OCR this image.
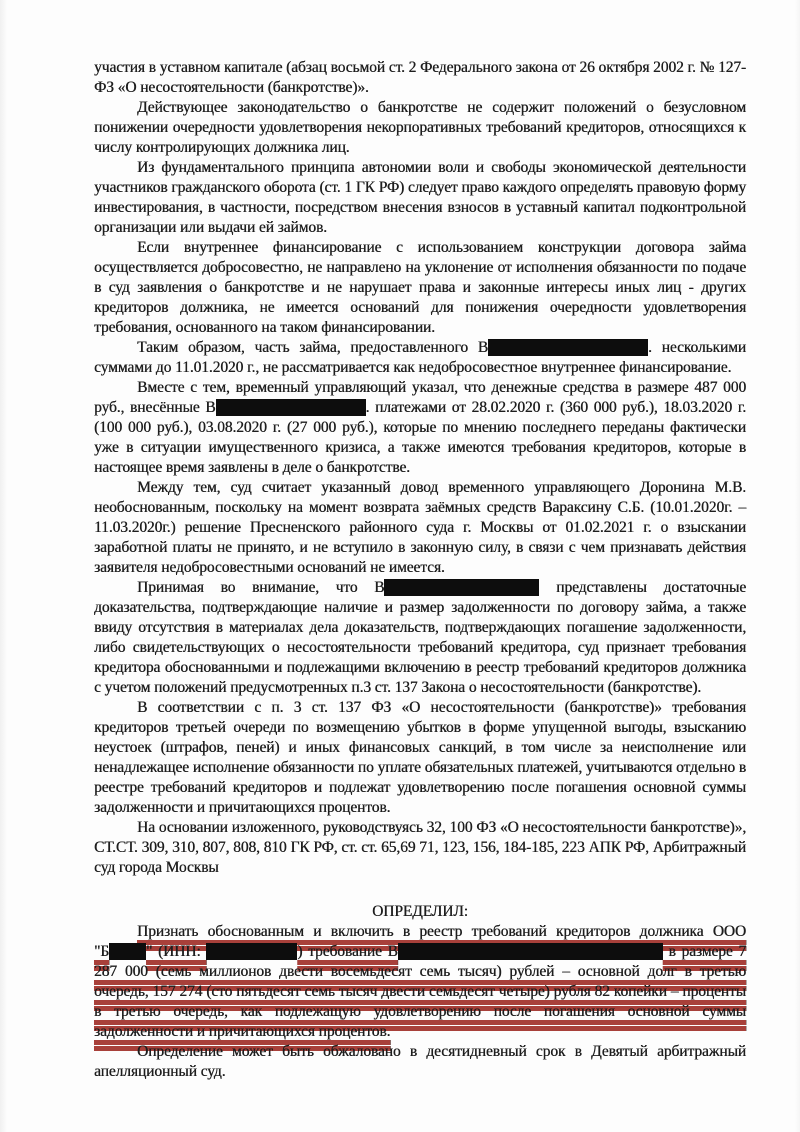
участия в уставном капитале (абзац восьмой ст. 2 Федерального закона от 26 октября 2002 г. № 127-ФЗ «О несостоятельности (банкротстве)».

Действующее законодательство о банкротстве не содержит положений о безусловном понижении очередности удовлетворения некорпоративных требований кредиторов, относящихся к числу контролирующих должника лиц.

Из фундаментального принципа автономии воли и свободы экономической деятельности участников гражданского оборота (ст. 1 ГК РФ) следует право каждого определять правовую форму инвестирования, в частности, посредством внесения взносов в уставный капитал подконтрольной организации или выдачи ей займов.

Если внутреннее финансирование с использованием конструкции договора займа осуществляется добросовестно, не направлено на уклонение от исполнения обязанности по подаче в суд заявления о банкротстве и не нарушает права и законные интересы иных лиц - других кредиторов должника, не имеется оснований для понижения очередности удовлетворения требования, основанного на таком финансировании.

Таким образом, часть займа, предоставленного В	. несколькими суммами до 11.01.2020 г., не рассматривается как недобросовестное внутреннее финансирование.

Вместе с тем, временный управляющий указал, что денежные средства в размере 487 000 руб., внесённые В	. платежами от 28.02.2020 г. (360 000 руб.), 18.03.2020 г. (100 000 руб.), 03.08.2020 г. (27 000 руб.), которые по мнению последнего переданы фактически уже в ситуации имущественного кризиса, а также имеются требования кредиторов, которые в настоящее время заявлены в деле о банкротстве.

Между тем, суд считает указанный довод временного управляющего Доронина М.В. необоснованным, поскольку на момент возврата заёмных средств Вараксину С.Б. (10.01.2020г. – 11.03.2020г.) решение Пресненского районного суда г. Москвы от 01.02.2021 г. о взыскании заработной платы не принято, и не вступило в законную силу, в связи с чем признавать действия заявителя недобросовестными оснований не имеется.

Принимая во внимание, что В	представлены достаточные доказательства, подтверждающие наличие и размер задолженности по договору займа, а также ввиду отсутствия в материалах дела доказательств, подтверждающих погашение задолженности, либо свидетельствующих о несостоятельности требований кредитора, суд признает требования кредитора обоснованными и подлежащими включению в реестр требований кредиторов должника с учетом положений предусмотренных п.3 ст. 137 Закона о несостоятельности (банкротстве).

В соответствии с п. 3 ст. 137 ФЗ «О несостоятельности (банкротстве)» требования кредиторов третьей очереди по возмещению убытков в форме упущенной выгоды, взысканию неустоек (штрафов, пеней) и иных финансовых санкций, в том числе за неисполнение или ненадлежащее исполнение обязанности по уплате обязательных платежей, учитываются отдельно в реестре требований кредиторов и подлежат удовлетворению после погашения основной суммы задолженности и причитающихся процентов.

На основании изложенного, руководствуясь 32, 100 ФЗ «О несостоятельности банкротстве)», СТ.СТ. 309, 310, 807, 808, 810 ГК РФ, ст. ст. 65,69 71, 123, 156, 184-185, 223 АПК РФ, Арбитражный суд города Москвы

ОПРЕДЕЛИЛ:

Признать обоснованным и включить в реестр требований кредиторов должника ООО "Б " (ИНН:	) требование В	в размере 7 287 000 (семь миллионов двести восемьдесят семь тысяч) рублей – основной долг в третью очередь, 157 274 (сто пятьдесят семь тысяч двести семьдесят четыре) рубля 82 копейки – проценты в третью очередь, как подлежащую удовлетворению после погашения основной суммы задолженности и причитающихся процентов.

Определение может быть обжаловано в десятидневный срок в Девятый арбитражный апелляционный суд.
